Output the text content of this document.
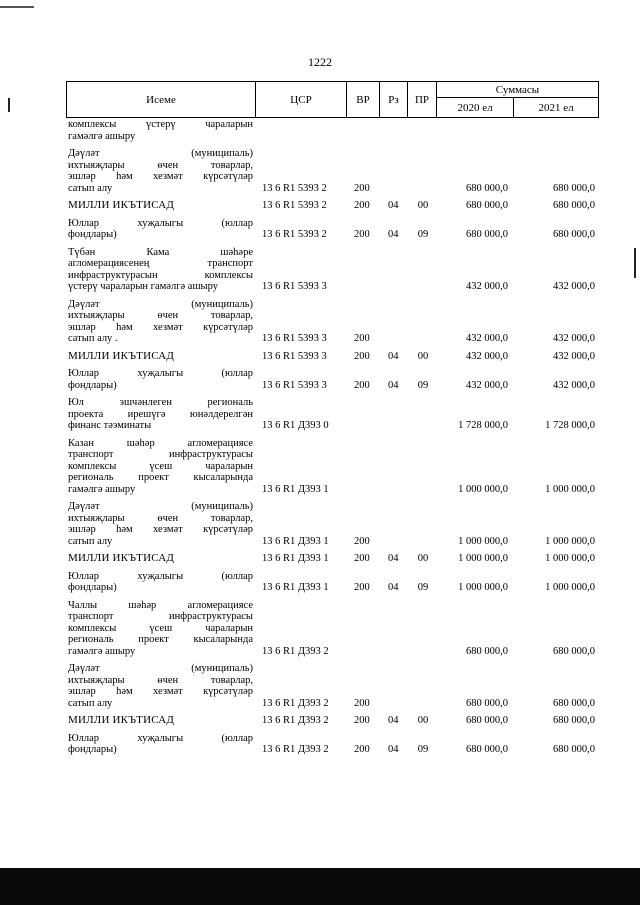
1222
Исеме	ЦСР	ВР	Рз	ПР
Суммасы
2020 ел	2021 ел
комплексы үстерү чараларын
гамәлгә ашыру
Дәүләт (муниципаль)
ихтыяҗлары өчен товарлар,
эшләр һәм хезмәт күрсәтүләр
сатып алу	13 6 R1 5393 2	200	680 000,0	680 000,0
МИЛЛИ ИКЪТИСАД	13 6 R1 5393 2	200	04	00	680 000,0	680 000,0
Юллар хуҗалыгы (юллар
фондлары)	13 6 R1 5393 2	200	04	09	680 000,0	680 000,0
Түбән Кама шәһәре
агломерациясенең транспорт
инфраструктурасын комплексы
үстерү чараларын гамәлгә ашыру	13 6 R1 5393 3	432 000,0	432 000,0
Дәүләт (муниципаль)
ихтыяҗлары өчен товарлар,
эшләр һәм хезмәт күрсәтүләр
сатып алу .	13 6 R1 5393 3	200	432 000,0	432 000,0
МИЛЛИ ИКЪТИСАД	13 6 R1 5393 3	200	04	00	432 000,0	432 000,0
Юллар хуҗалыгы (юллар
фондлары)	13 6 R1 5393 3	200	04	09	432 000,0	432 000,0
Юл эшчәнлеген региональ
проекта ирешүгә юнәлдерелгән
финанс тәэминаты	13 6 R1 Д393 0	1 728 000,0	1 728 000,0
Казан шәһәр агломерациясе
транспорт инфраструктурасы
комплексы үсеш чараларын
региональ проект кысаларында
гамәлгә ашыру	13 6 R1 Д393 1	1 000 000,0	1 000 000,0
Дәүләт (муниципаль)
ихтыяҗлары өчен товарлар,
эшләр һәм хезмәт күрсәтүләр
сатып алу	13 6 R1 Д393 1	200	1 000 000,0	1 000 000,0
МИЛЛИ ИКЪТИСАД	13 6 R1 Д393 1	200	04	00	1 000 000,0	1 000 000,0
Юллар хуҗалыгы (юллар
фондлары)	13 6 R1 Д393 1	200	04	09	1 000 000,0	1 000 000,0
Чаллы шәһәр агломерациясе
транспорт инфраструктурасы
комплексы үсеш чараларын
региональ проект кысаларында
гамәлгә ашыру	13 6 R1 Д393 2	680 000,0	680 000,0
Дәүләт (муниципаль)
ихтыяҗлары өчен товарлар,
эшләр һәм хезмәт күрсәтүләр
сатып алу	13 6 R1 Д393 2	200	680 000,0	680 000,0
МИЛЛИ ИКЪТИСАД	13 6 R1 Д393 2	200	04	00	680 000,0	680 000,0
Юллар хуҗалыгы (юллар
фондлары)	13 6 R1 Д393 2	200	04	09	680 000,0	680 000,0
